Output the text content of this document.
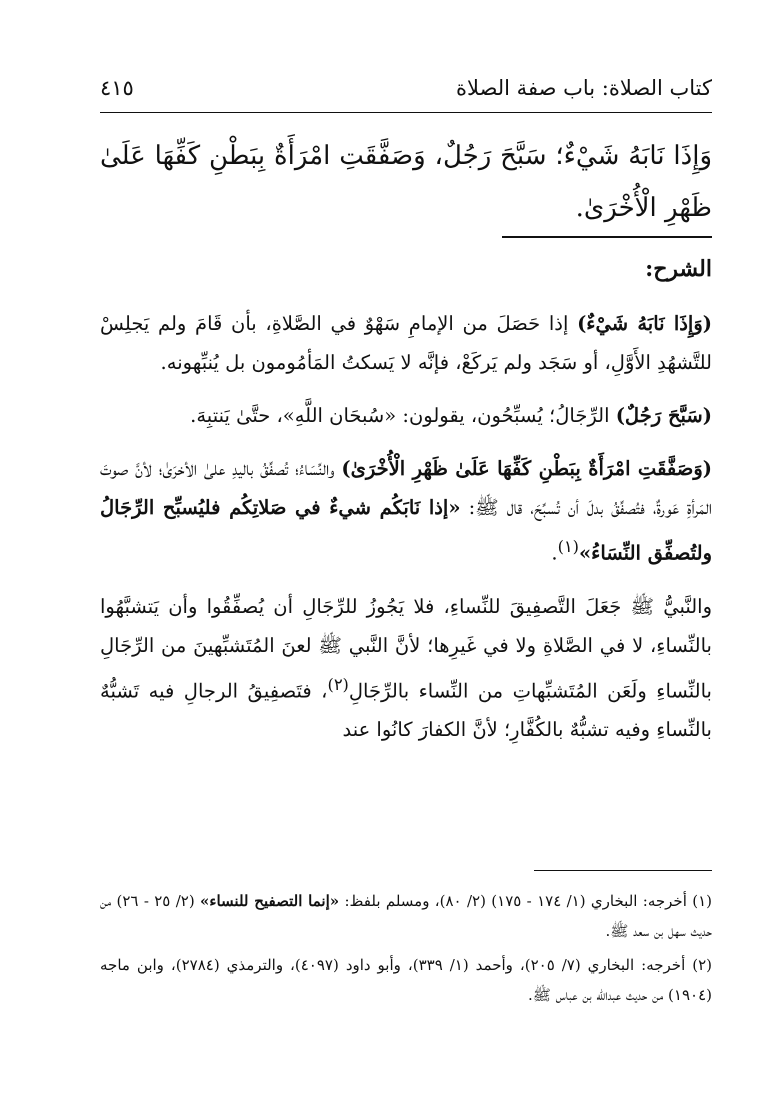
كتاب الصلاة: باب صفة الصلاة
٤١٥
وَإِذَا نَابَهُ شَيْءٌ؛ سَبَّحَ رَجُلٌ، وَصَفَّقَتِ امْرَأَةٌ بِبَطْنِ كَفِّهَا عَلَىٰ ظَهْرِ الْأُخْرَىٰ.
الشرح:

(وَإِذَا نَابَهُ شَيْءٌ) إذا حَصَلَ من الإمامِ سَهْوٌ في الصَّلاةِ، بأن قَامَ ولم يَجلِسْ للتَّشهُدِ الأَوَّلِ، أو سَجَد ولم يَركَعْ، فإنَّه لا يَسكتُ المَأمُومون بل يُنبِّهونه.

(سَبَّحَ رَجُلٌ) الرِّجَالُ؛ يُسبِّحُون، يقولون: «سُبحَان اللَّهِ»، حتَّىٰ يَنتبِهَ.

(وَصَفَّقَتِ امْرَأَةٌ بِبَطْنِ كَفِّهَا عَلَىٰ ظَهْرِ الْأُخْرَىٰ) والنِّسَاءُ؛ تُصفِّقُ باليدِ علىٰ الأخرَىٰ؛ لأنَّ صوتَ المَرأةِ عَورةٌ، فتُصفِّقُ بدلَ أن تُسبِّحَ، قال ﷺ: «إذا نَابَكُم شيءٌ في صَلاتِكُم فليُسبِّح الرِّجَالُ ولتُصفِّق النِّسَاءُ»$^{(١)}$.

والنَّبيُّ ﷺ جَعَلَ التَّصفِيقَ للنِّساءِ، فلا يَجُوزُ للرِّجَالِ أن يُصفِّقُوا وأن يَتشبَّهُوا بالنِّساءِ، لا في الصَّلاةِ ولا في غَيرِها؛ لأنَّ النَّبي ﷺ لعنَ المُتَشبِّهينَ من الرِّجَالِ بالنِّساءِ ولَعَن المُتَشبِّهاتِ من النِّساء بالرِّجَالِ$^{(٢)}$، فتَصفِيقُ الرجالِ فيه تَشبُّهٌ بالنِّساءِ وفيه تشبُّهٌ بالكُفَّارِ؛ لأنَّ الكفارَ كانُوا عند

(١) أخرجه: البخاري (١/ ١٧٤ - ١٧٥) (٢/ ٨٠)، ومسلم بلفظ: «إنما التصفيح للنساء» (٢/ ٢٥ - ٢٦) من حديث سهل بن سعد ﷺ.

(٢) أخرجه: البخاري (٧/ ٢٠٥)، وأحمد (١/ ٣٣٩)، وأبو داود (٤٠٩٧)، والترمذي (٢٧٨٤)، وابن ماجه (١٩٠٤) من حديث عبدالله بن عباس ﷺ.
